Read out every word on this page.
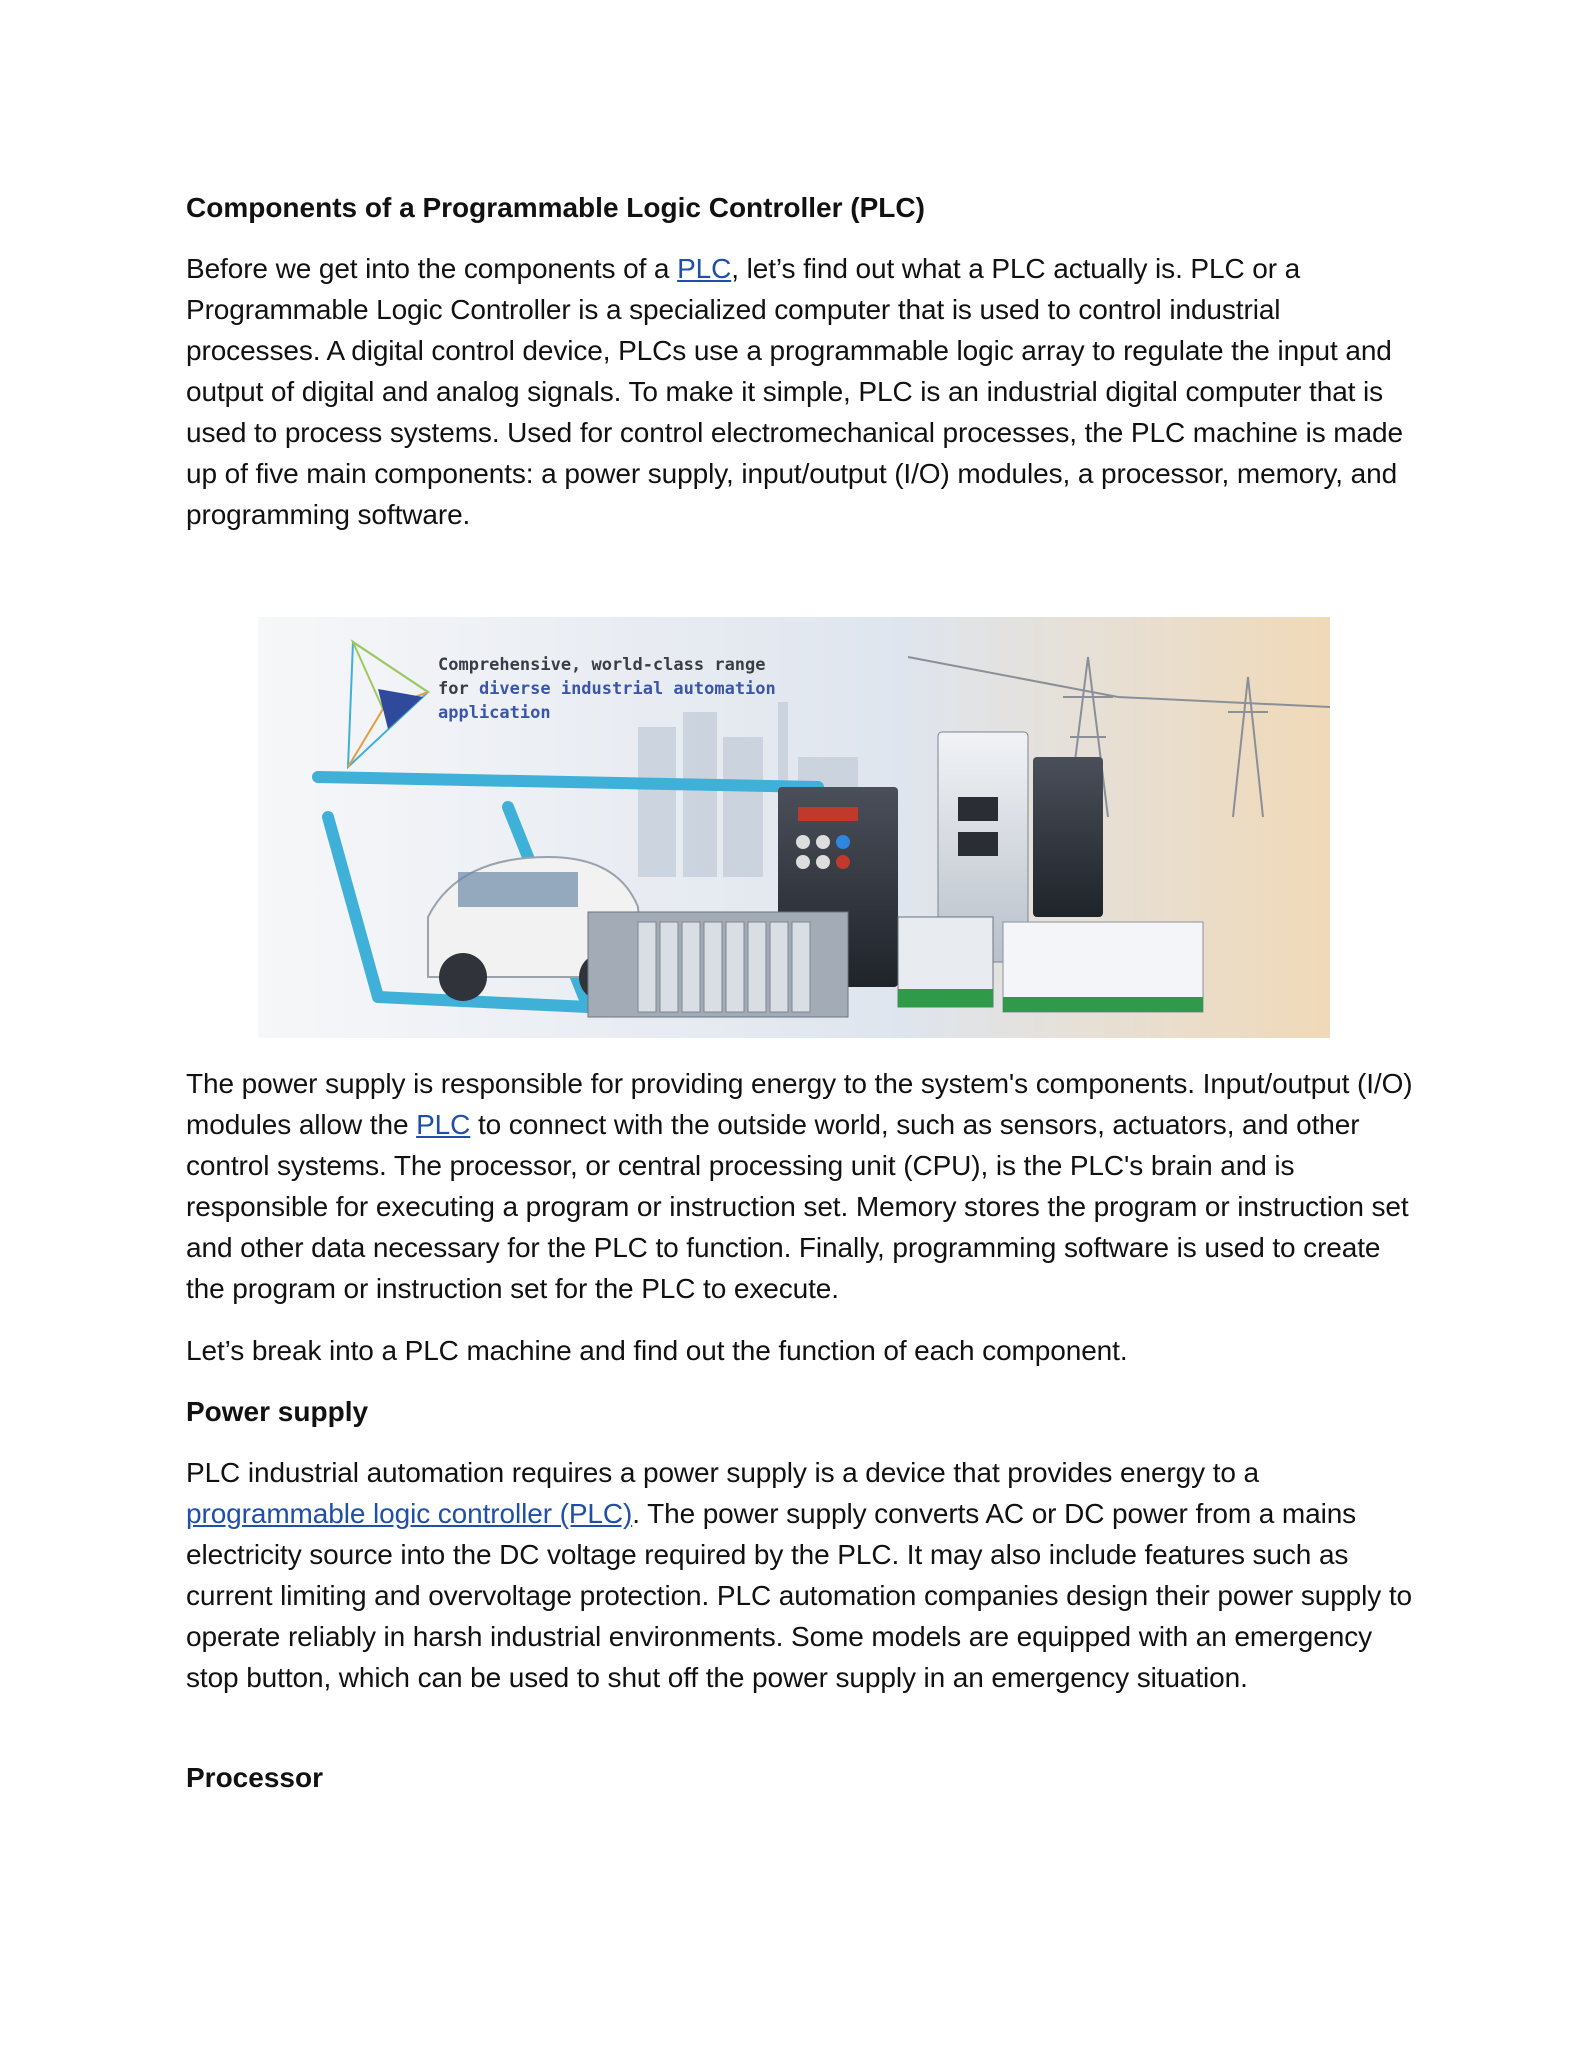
Components of a Programmable Logic Controller (PLC)

Before we get into the components of a PLC, let’s find out what a PLC actually is. PLC or a Programmable Logic Controller is a specialized computer that is used to control industrial processes. A digital control device, PLCs use a programmable logic array to regulate the input and output of digital and analog signals. To make it simple, PLC is an industrial digital computer that is used to process systems. Used for control electromechanical processes, the PLC machine is made up of five main components: a power supply, input/output (I/O) modules, a processor, memory, and programming software.

Comprehensive, world-class range
for diverse industrial automation
application

The power supply is responsible for providing energy to the system's components. Input/output (I/O) modules allow the PLC to connect with the outside world, such as sensors, actuators, and other control systems. The processor, or central processing unit (CPU), is the PLC's brain and is responsible for executing a program or instruction set. Memory stores the program or instruction set and other data necessary for the PLC to function. Finally, programming software is used to create the program or instruction set for the PLC to execute.

Let’s break into a PLC machine and find out the function of each component.

Power supply

PLC industrial automation requires a power supply is a device that provides energy to a programmable logic controller (PLC). The power supply converts AC or DC power from a mains electricity source into the DC voltage required by the PLC. It may also include features such as current limiting and overvoltage protection. PLC automation companies design their power supply to operate reliably in harsh industrial environments. Some models are equipped with an emergency stop button, which can be used to shut off the power supply in an emergency situation.

Processor
